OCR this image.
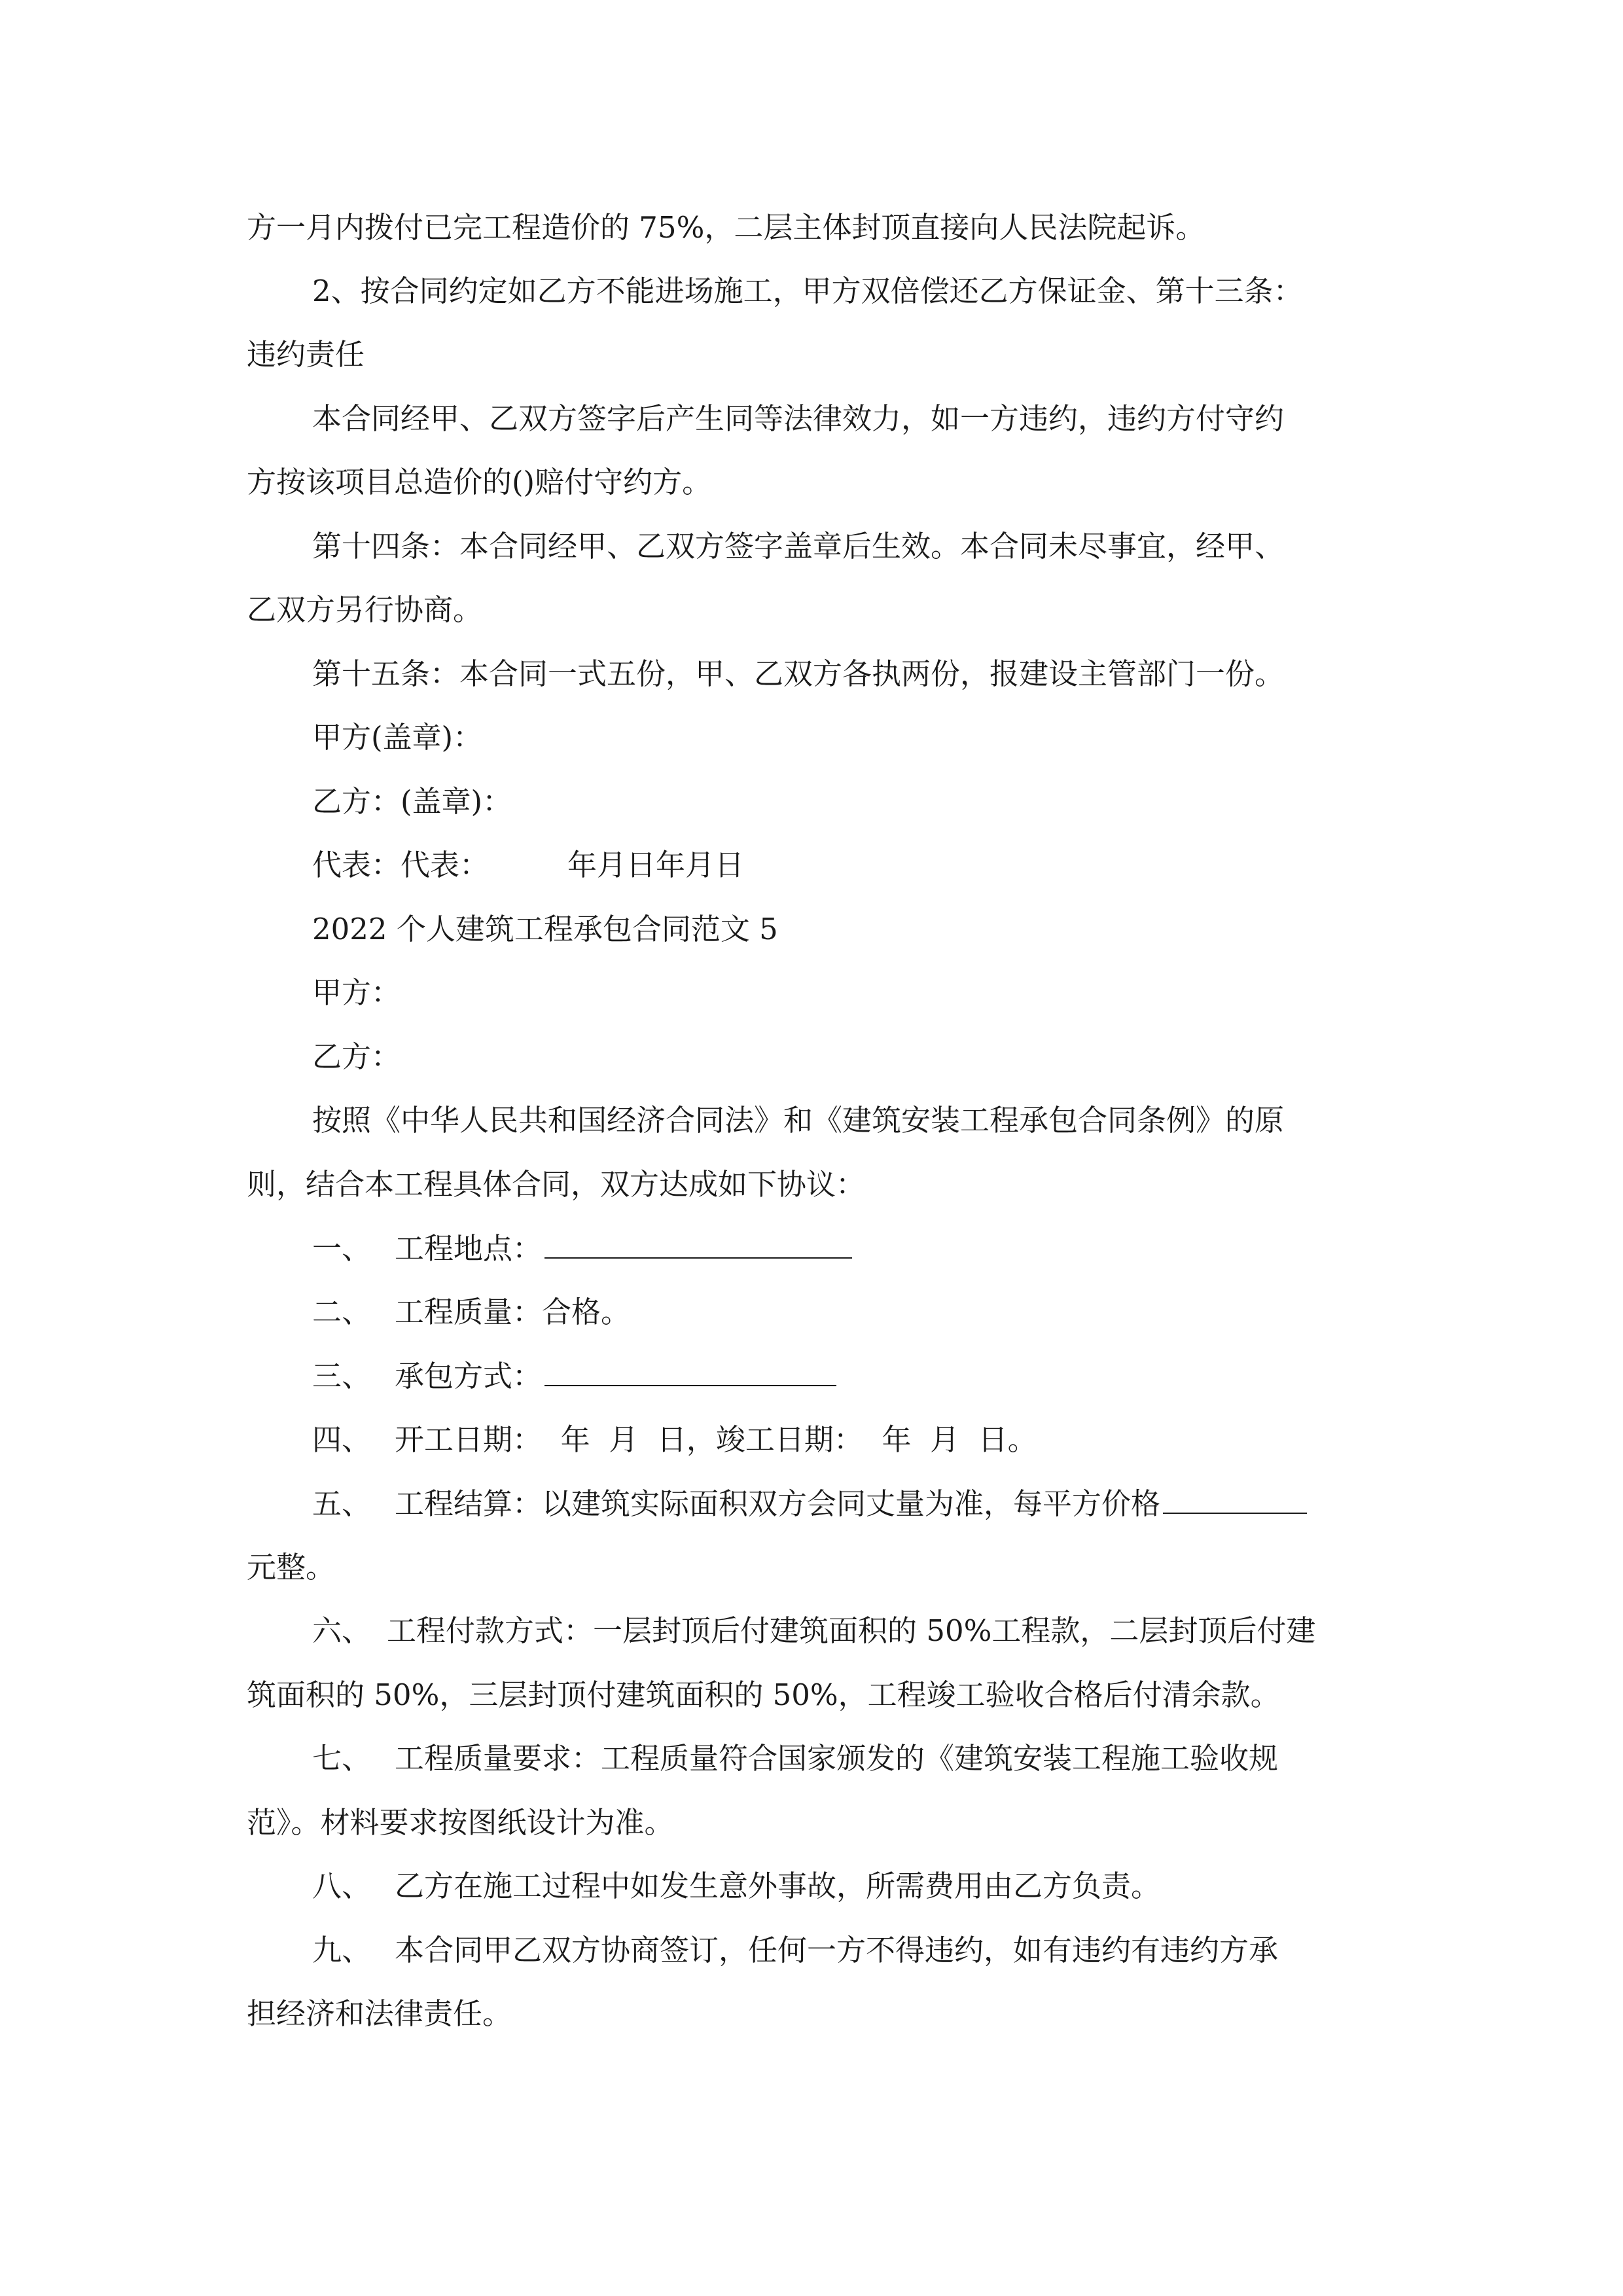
方一月内拨付已完工程造价的 75%，二层主体封顶直接向人民法院起诉。
2、按合同约定如乙方不能进场施工，甲方双倍偿还乙方保证金、第十三条：
违约责任
本合同经甲、乙双方签字后产生同等法律效力，如一方违约，违约方付守约
方按该项目总造价的()赔付守约方。
第十四条：本合同经甲、乙双方签字盖章后生效。本合同未尽事宜，经甲、
乙双方另行协商。
第十五条：本合同一式五份，甲、乙双方各执两份，报建设主管部门一份。
甲方(盖章)：
乙方：(盖章)：
代表：代表：	年月日年月日
2022 个人建筑工程承包合同范文 5
甲方：
乙方：
按照《中华人民共和国经济合同法》和《建筑安装工程承包合同条例》的原
则，结合本工程具体合同，双方达成如下协议：
一、 工程地点：
二、 工程质量：合格。
三、 承包方式：
四、 开工日期：  年  月  日，竣工日期：  年  月  日。
五、 工程结算：以建筑实际面积双方会同丈量为准，每平方价格
元整。
六、 工程付款方式：一层封顶后付建筑面积的 50%工程款，二层封顶后付建
筑面积的 50%，三层封顶付建筑面积的 50%，工程竣工验收合格后付清余款。
七、 工程质量要求：工程质量符合国家颁发的《建筑安装工程施工验收规
范》。材料要求按图纸设计为准。
八、 乙方在施工过程中如发生意外事故，所需费用由乙方负责。
九、 本合同甲乙双方协商签订，任何一方不得违约，如有违约有违约方承
担经济和法律责任。
